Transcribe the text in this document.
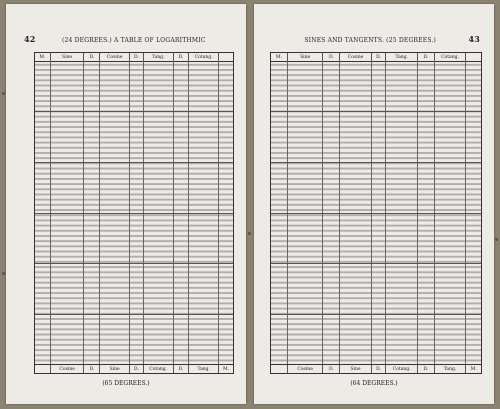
42	(24 DEGREES.) A TABLE OF LOGARITHMIC
M.	Sine	D.	Cosine	D.	Tang.	D.	Cotang.
Cosine	D.	Sine	D.	Cotang.	D.	Tang.	M.
(65 DEGREES.)
SINES AND TANGENTS. (25 DEGREES.)	43
M.	Sine	D.	Cosine	D.	Tang.	D.	Cotang.
Cosine	D.	Sine	D.	Cotang.	D.	Tang.	M.
(64 DEGREES.)
